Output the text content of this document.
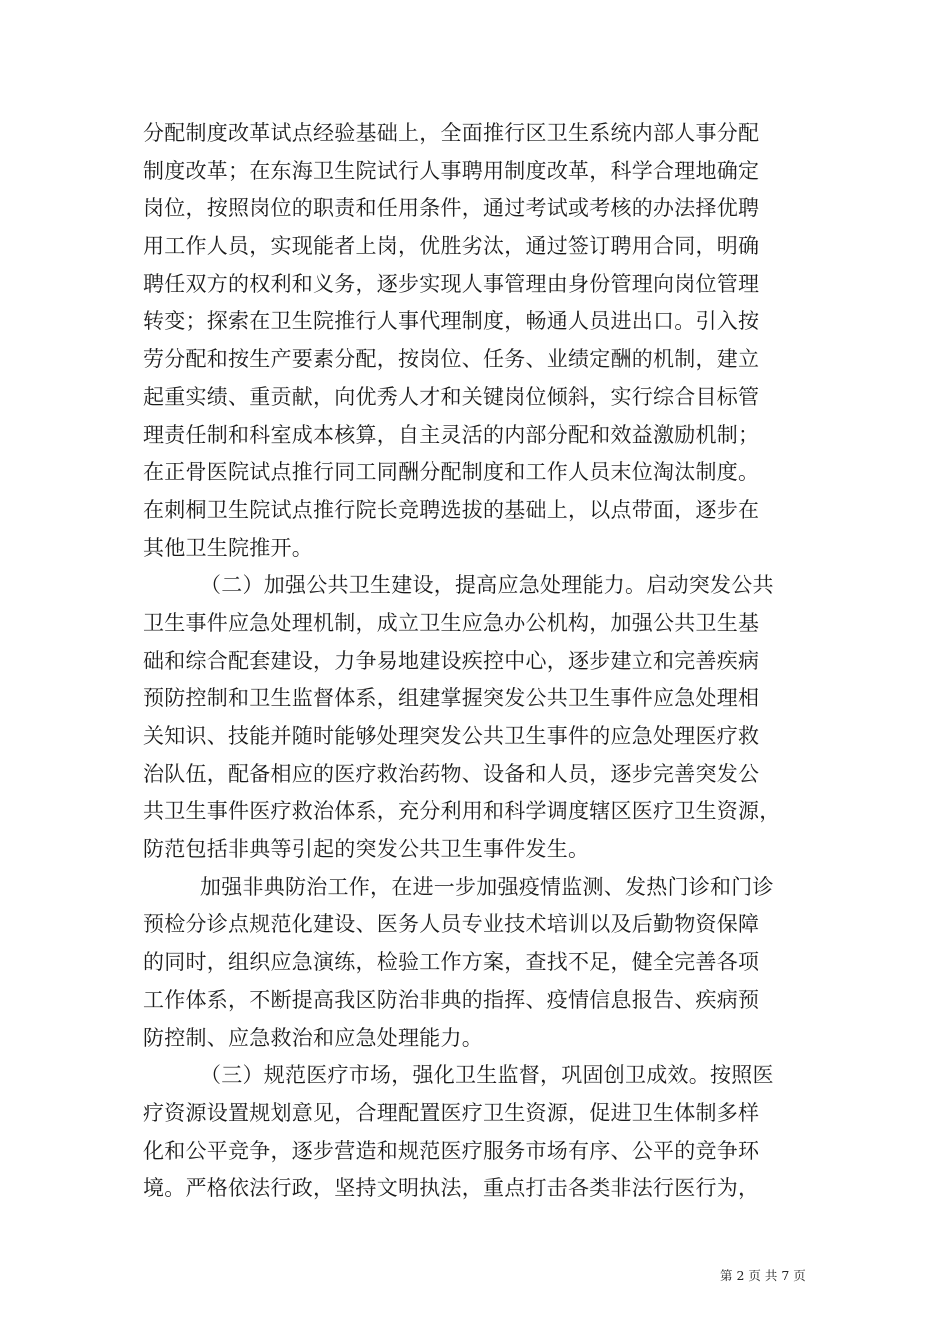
分配制度改革试点经验基础上，全面推行区卫生系统内部人事分配
制度改革；在东海卫生院试行人事聘用制度改革，科学合理地确定
岗位，按照岗位的职责和任用条件，通过考试或考核的办法择优聘
用工作人员，实现能者上岗，优胜劣汰，通过签订聘用合同，明确
聘任双方的权利和义务，逐步实现人事管理由身份管理向岗位管理
转变；探索在卫生院推行人事代理制度，畅通人员进出口。引入按
劳分配和按生产要素分配，按岗位、任务、业绩定酬的机制，建立
起重实绩、重贡献，向优秀人才和关键岗位倾斜，实行综合目标管
理责任制和科室成本核算，自主灵活的内部分配和效益激励机制；
在正骨医院试点推行同工同酬分配制度和工作人员末位淘汰制度。
在刺桐卫生院试点推行院长竞聘选拔的基础上，以点带面，逐步在
其他卫生院推开。
（二）加强公共卫生建设，提高应急处理能力。启动突发公共
卫生事件应急处理机制，成立卫生应急办公机构，加强公共卫生基
础和综合配套建设，力争易地建设疾控中心，逐步建立和完善疾病
预防控制和卫生监督体系，组建掌握突发公共卫生事件应急处理相
关知识、技能并随时能够处理突发公共卫生事件的应急处理医疗救
治队伍，配备相应的医疗救治药物、设备和人员，逐步完善突发公
共卫生事件医疗救治体系，充分利用和科学调度辖区医疗卫生资源，
防范包括非典等引起的突发公共卫生事件发生。
加强非典防治工作，在进一步加强疫情监测、发热门诊和门诊
预检分诊点规范化建设、医务人员专业技术培训以及后勤物资保障
的同时，组织应急演练，检验工作方案，查找不足，健全完善各项
工作体系，不断提高我区防治非典的指挥、疫情信息报告、疾病预
防控制、应急救治和应急处理能力。
（三）规范医疗市场，强化卫生监督，巩固创卫成效。按照医
疗资源设置规划意见，合理配置医疗卫生资源，促进卫生体制多样
化和公平竞争，逐步营造和规范医疗服务市场有序、公平的竞争环
境。严格依法行政，坚持文明执法，重点打击各类非法行医行为，
第 2 页 共 7 页
